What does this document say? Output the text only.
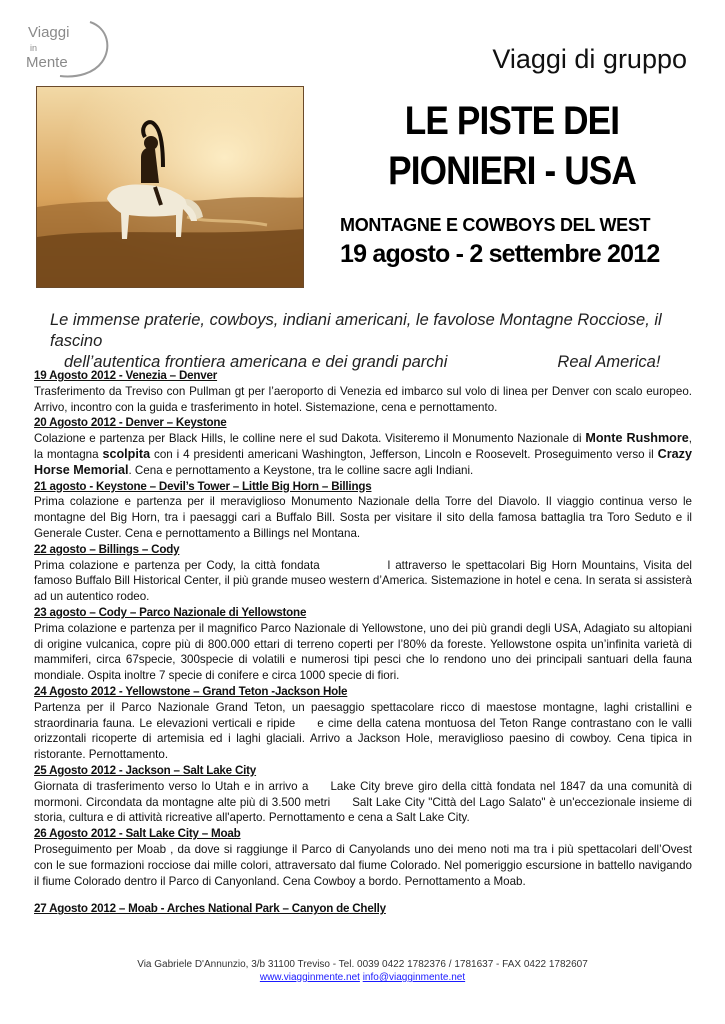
Viaggi
in
Mente	Viaggi di gruppo
LE PISTE DEI
PIONIERI - USA
MONTAGNE E COWBOYS DEL WEST
19 agosto - 2 settembre 2012
Le immense praterie, cowboys, indiani americani, le favolose Montagne Rocciose, il fascino
dell’autentica frontiera americana e dei grandi parchi	Real America!
19 Agosto 2012 - Venezia – Denver
Trasferimento da Treviso con Pullman gt per l’aeroporto di Venezia ed imbarco sul volo di linea per Denver con scalo europeo. Arrivo, incontro con la guida e trasferimento in hotel. Sistemazione, cena e pernottamento.
20 Agosto 2012 - Denver – Keystone
Colazione e partenza per Black Hills, le colline nere el sud Dakota. Visiteremo il Monumento Nazionale di Monte Rushmore, la montagna scolpita con i 4 presidenti americani Washington, Jefferson, Lincoln e Roosevelt. Proseguimento verso il Crazy Horse Memorial. Cena e pernottamento a Keystone, tra le colline sacre agli Indiani.
21 agosto - Keystone – Devil’s Tower – Little Big Horn – Billings
Prima colazione e partenza per il meraviglioso Monumento Nazionale della Torre del Diavolo. Il viaggio continua verso le montagne del Big Horn, tra i paesaggi cari a Buffalo Bill. Sosta per visitare il sito della famosa battaglia tra Toro Seduto e il Generale Custer. Cena e pernottamento a Billings nel Montana.
22 agosto – Billings – Cody
Prima colazione e partenza per Cody, la città fondata	l attraverso le spettacolari Big Horn Mountains, Visita del famoso Buffalo Bill Historical Center, il più grande museo western d’America. Sistemazione in hotel e cena. In serata si assisterà ad un autentico rodeo.
23 agosto – Cody – Parco Nazionale di Yellowstone
Prima colazione e partenza per il magnifico Parco Nazionale di Yellowstone, uno dei più grandi degli USA, Adagiato su altopiani di origine vulcanica, copre più di 800.000 ettari di terreno coperti per l’80% da foreste. Yellowstone ospita un’infinita varietà di mammiferi, circa 67specie, 300specie di volatili e numerosi tipi pesci che lo rendono uno dei principali santuari della fauna mondiale. Ospita inoltre 7 specie di conifere e circa 1000 specie di fiori.
24 Agosto 2012 - Yellowstone – Grand Teton -Jackson Hole
Partenza per il Parco Nazionale Grand Teton, un paesaggio spettacolare ricco di maestose montagne, laghi cristallini e straordinaria fauna. Le elevazioni verticali e ripide e cime della catena montuosa del Teton Range contrastano con le valli orizzontali ricoperte di artemisia ed i laghi glaciali. Arrivo a Jackson Hole, meraviglioso paesino di cowboy. Cena tipica in ristorante. Pernottamento.
25 Agosto 2012 - Jackson – Salt Lake City
Giornata di trasferimento verso lo Utah e in arrivo a Lake City breve giro della città fondata nel 1847 da una comunità di mormoni. Circondata da montagne alte più di 3.500 metri Salt Lake City "Città del Lago Salato" è un'eccezionale insieme di storia, cultura e di attività ricreative all'aperto. Pernottamento e cena a Salt Lake City.
26 Agosto 2012 - Salt Lake City – Moab
Proseguimento per Moab , da dove si raggiunge il Parco di Canyolands uno dei meno noti ma tra i più spettacolari dell’Ovest con le sue formazioni rocciose dai mille colori, attraversato dal fiume Colorado. Nel pomeriggio escursione in battello navigando il fiume Colorado dentro il Parco di Canyonland. Cena Cowboy a bordo. Pernottamento a Moab.
27 Agosto 2012 – Moab - Arches National Park – Canyon de Chelly
Via Gabriele D'Annunzio, 3/b 31100 Treviso - Tel. 0039 0422 1782376 / 1781637 - FAX 0422 1782607
www.viagginmente.net info@viagginmente.net
